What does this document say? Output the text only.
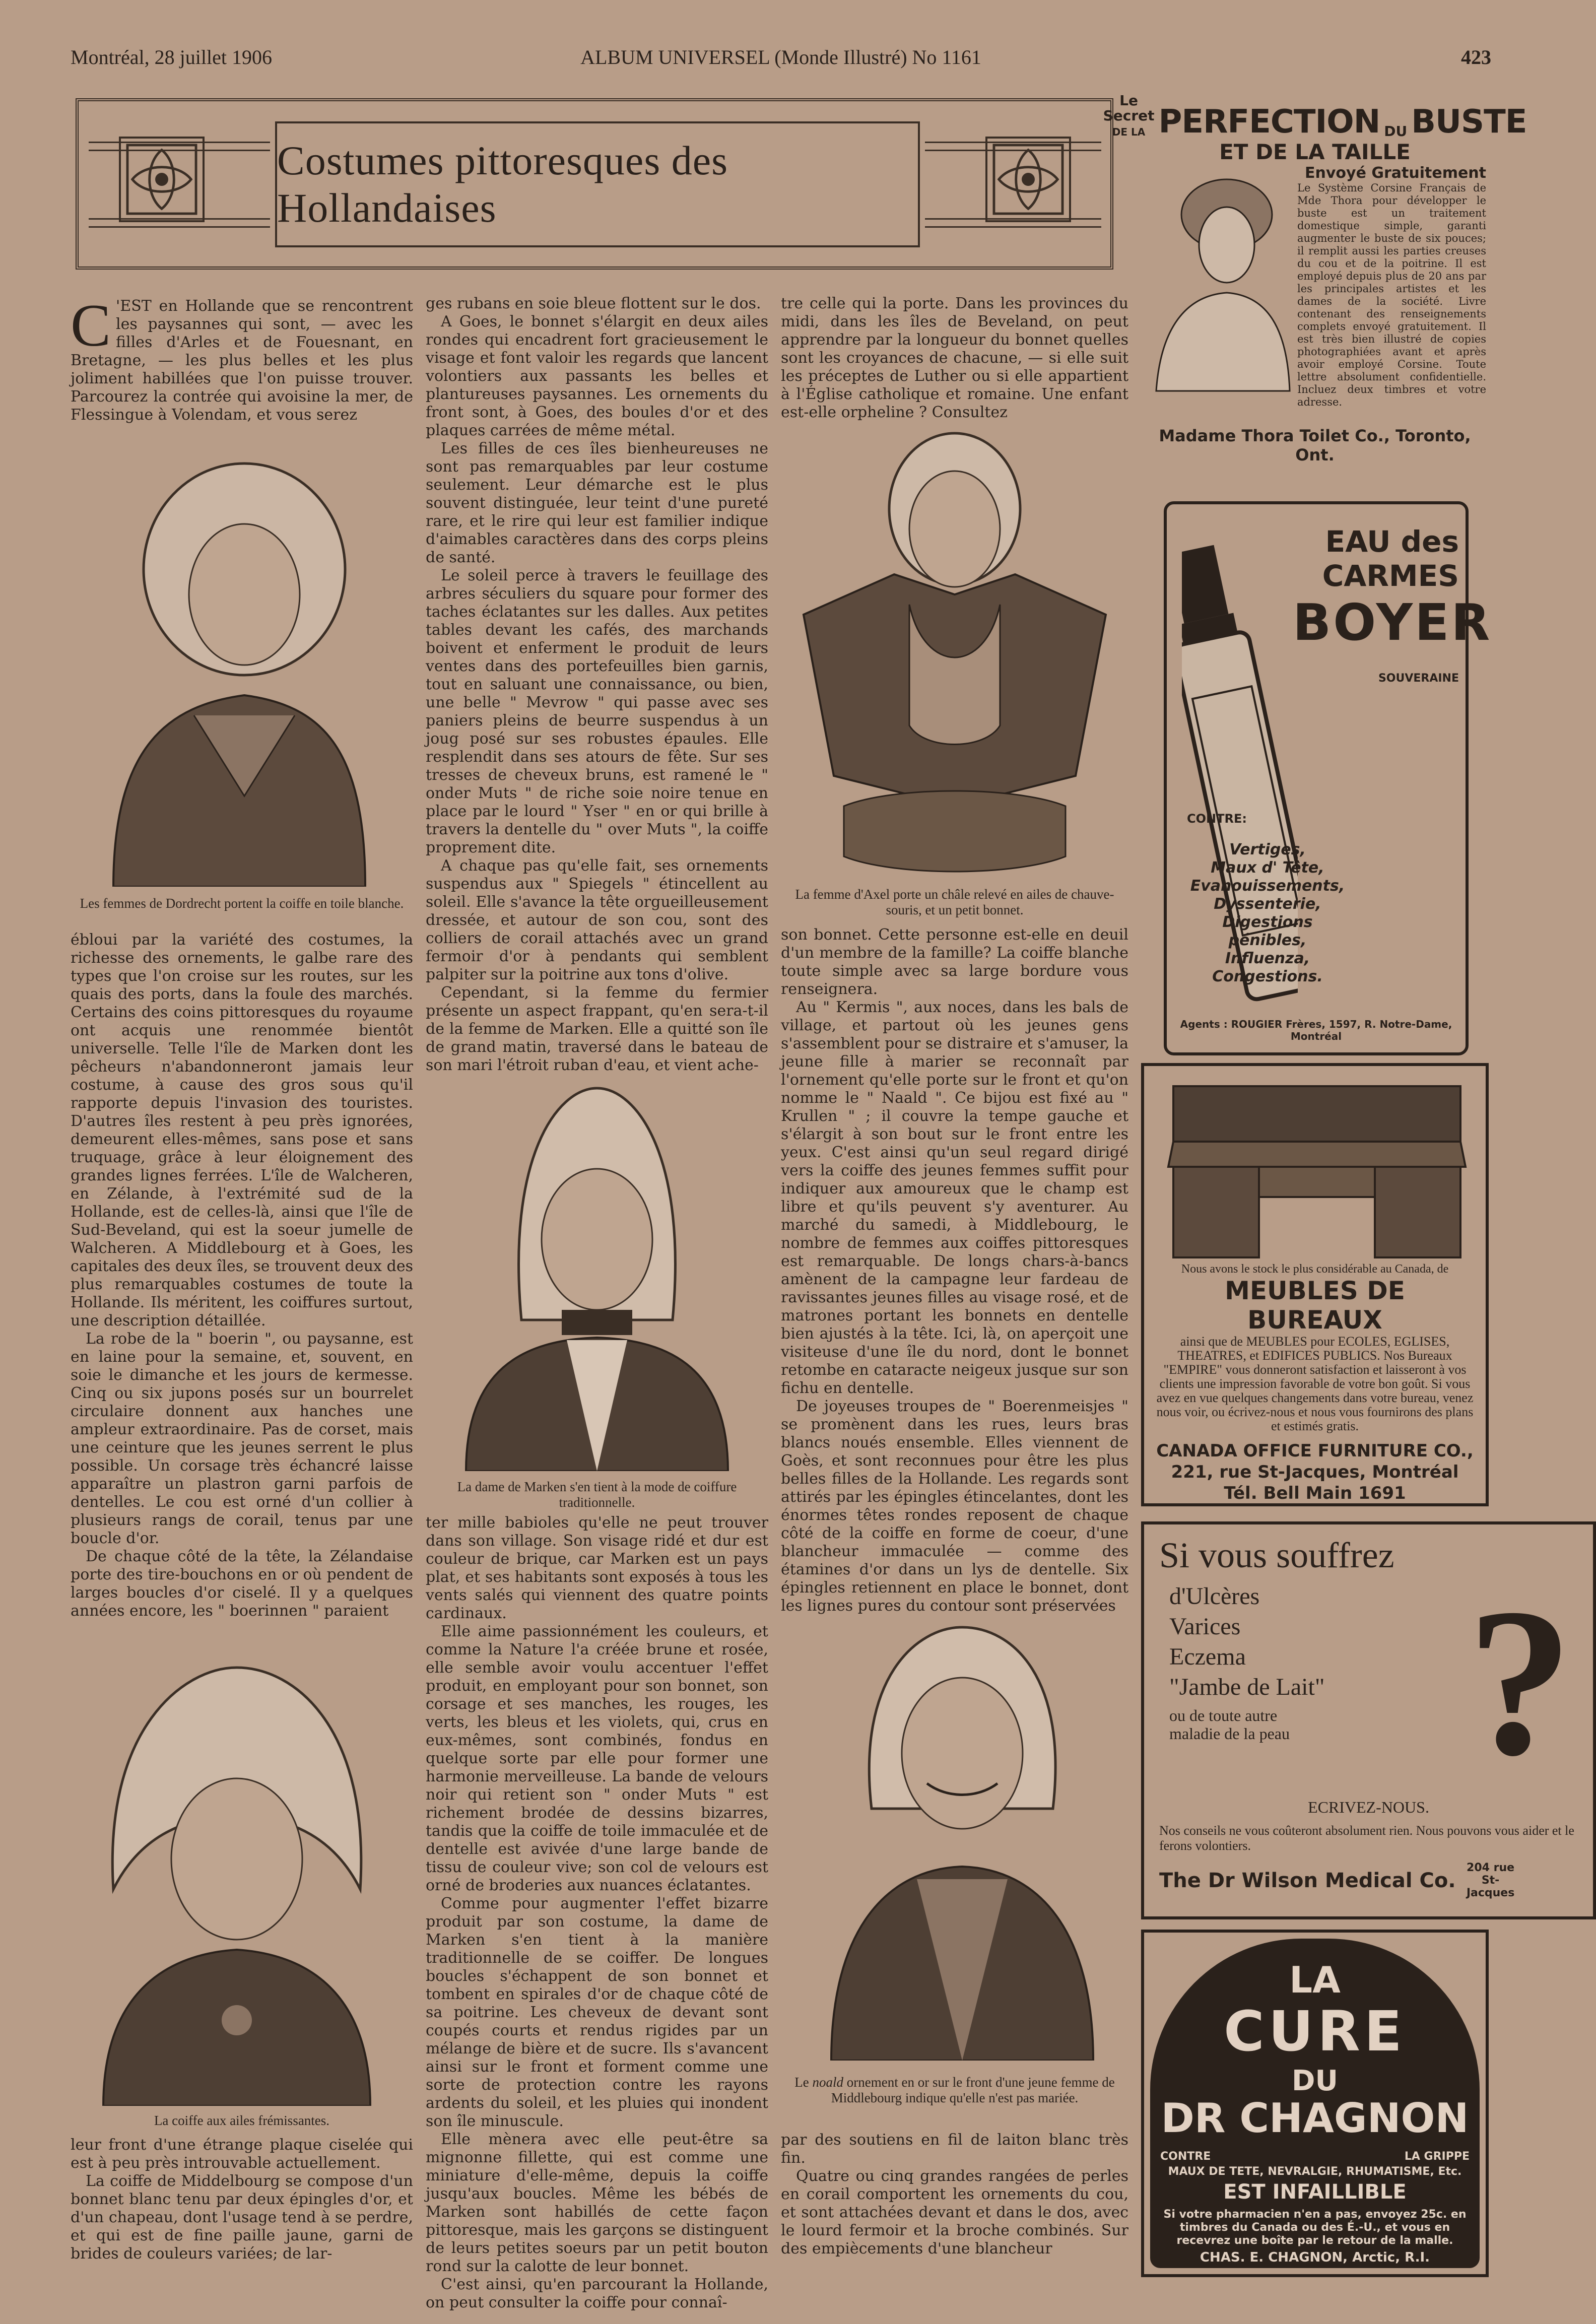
Montréal, 28 juillet 1906	ALBUM UNIVERSEL (Monde Illustré) No 1161	423
Costumes pittoresques des Hollandaises
C 'EST en Hollande que se rencontrent les paysannes qui sont, — avec les filles d'Arles et de Fouesnant, en Bretagne, — les plus belles et les plus joliment habillées que l'on puisse trouver. Parcourez la contrée qui avoisine la mer, de Flessingue à Volendam, et vous serez
Les femmes de Dordrecht portent la coiffe en toile blanche.

ébloui par la variété des costumes, la richesse des ornements, le galbe rare des types que l'on croise sur les routes, sur les quais des ports, dans la foule des marchés. Certains des coins pittoresques du royaume ont acquis une renommée bientôt universelle. Telle l'île de Marken dont les pêcheurs n'abandonneront jamais leur costume, à cause des gros sous qu'il rapporte depuis l'invasion des touristes. D'autres îles restent à peu près ignorées, demeurent elles-mêmes, sans pose et sans truquage, grâce à leur éloignement des grandes lignes ferrées. L'île de Walcheren, en Zélande, à l'extrémité sud de la Hollande, est de celles-là, ainsi que l'île de Sud-Beveland, qui est la soeur jumelle de Walcheren. A Middlebourg et à Goes, les capitales des deux îles, se trouvent deux des plus remarquables costumes de toute la Hollande. Ils méritent, les coiffures surtout, une description détaillée.

La robe de la " boerin ", ou paysanne, est en laine pour la semaine, et, souvent, en soie le dimanche et les jours de kermesse. Cinq ou six jupons posés sur un bourrelet circulaire donnent aux hanches une ampleur extraordinaire. Pas de corset, mais une ceinture que les jeunes serrent le plus possible. Un corsage très échancré laisse apparaître un plastron garni parfois de dentelles. Le cou est orné d'un collier à plusieurs rangs de corail, tenus par une boucle d'or.

De chaque côté de la tête, la Zélandaise porte des tire-bouchons en or où pendent de larges boucles d'or ciselé. Il y a quelques années encore, les " boerinnen " paraient

La coiffe aux ailes frémissantes.

leur front d'une étrange plaque ciselée qui est à peu près introuvable actuellement.

La coiffe de Middelbourg se compose d'un bonnet blanc tenu par deux épingles d'or, et d'un chapeau, dont l'usage tend à se perdre, et qui est de fine paille jaune, garni de brides de couleurs variées; de lar-

ges rubans en soie bleue flottent sur le dos.

A Goes, le bonnet s'élargit en deux ailes rondes qui encadrent fort gracieusement le visage et font valoir les regards que lancent volontiers aux passants les belles et plantureuses paysannes. Les ornements du front sont, à Goes, des boules d'or et des plaques carrées de même métal.

Les filles de ces îles bienheureuses ne sont pas remarquables par leur costume seulement. Leur démarche est le plus souvent distinguée, leur teint d'une pureté rare, et le rire qui leur est familier indique d'aimables caractères dans des corps pleins de santé.

Le soleil perce à travers le feuillage des arbres séculiers du square pour former des taches éclatantes sur les dalles. Aux petites tables devant les cafés, des marchands boivent et enferment le produit de leurs ventes dans des portefeuilles bien garnis, tout en saluant une connaissance, ou bien, une belle " Mevrow " qui passe avec ses paniers pleins de beurre suspendus à un joug posé sur ses robustes épaules. Elle resplendit dans ses atours de fête. Sur ses tresses de cheveux bruns, est ramené le " onder Muts " de riche soie noire tenue en place par le lourd " Yser " en or qui brille à travers la dentelle du " over Muts ", la coiffe proprement dite.

A chaque pas qu'elle fait, ses ornements suspendus aux " Spiegels " étincellent au soleil. Elle s'avance la tête orgueilleusement dressée, et autour de son cou, sont des colliers de corail attachés avec un grand fermoir d'or à pendants qui semblent palpiter sur la poitrine aux tons d'olive.

Cependant, si la femme du fermier présente un aspect frappant, qu'en sera-t-il de la femme de Marken. Elle a quitté son île de grand matin, traversé dans le bateau de son mari l'étroit ruban d'eau, et vient ache-

La dame de Marken s'en tient à la mode de coiffure traditionnelle.

ter mille babioles qu'elle ne peut trouver dans son village. Son visage ridé et dur est couleur de brique, car Marken est un pays plat, et ses habitants sont exposés à tous les vents salés qui viennent des quatre points cardinaux.

Elle aime passionnément les couleurs, et comme la Nature l'a créée brune et rosée, elle semble avoir voulu accentuer l'effet produit, en employant pour son bonnet, son corsage et ses manches, les rouges, les verts, les bleus et les violets, qui, crus en eux-mêmes, sont combinés, fondus en quelque sorte par elle pour former une harmonie merveilleuse. La bande de velours noir qui retient son " onder Muts " est richement brodée de dessins bizarres, tandis que la coiffe de toile immaculée et de dentelle est avivée d'une large bande de tissu de couleur vive; son col de velours est orné de broderies aux nuances éclatantes.

Comme pour augmenter l'effet bizarre produit par son costume, la dame de Marken s'en tient à la manière traditionnelle de se coiffer. De longues boucles s'échappent de son bonnet et tombent en spirales d'or de chaque côté de sa poitrine. Les cheveux de devant sont coupés courts et rendus rigides par un mélange de bière et de sucre. Ils s'avancent ainsi sur le front et forment comme une sorte de protection contre les rayons ardents du soleil, et les pluies qui inondent son île minuscule.

Elle mènera avec elle peut-être sa mignonne fillette, qui est comme une miniature d'elle-même, depuis la coiffe jusqu'aux boucles. Même les bébés de Marken sont habillés de cette façon pittoresque, mais les garçons se distinguent de leurs petites soeurs par un petit bouton rond sur la calotte de leur bonnet.

C'est ainsi, qu'en parcourant la Hollande, on peut consulter la coiffe pour connaî-

tre celle qui la porte. Dans les provinces du midi, dans les îles de Beveland, on peut apprendre par la longueur du bonnet quelles sont les croyances de chacune, — si elle suit les préceptes de Luther ou si elle appartient à l'Église catholique et romaine. Une enfant est-elle orpheline ? Consultez

La femme d'Axel porte un châle relevé en ailes de chauve-souris, et un petit bonnet.

son bonnet. Cette personne est-elle en deuil d'un membre de la famille? La coiffe blanche toute simple avec sa large bordure vous renseignera.

Au " Kermis ", aux noces, dans les bals de village, et partout où les jeunes gens s'assemblent pour se distraire et s'amuser, la jeune fille à marier se reconnaît par l'ornement qu'elle porte sur le front et qu'on nomme le " Naald ". Ce bijou est fixé au " Krullen " ; il couvre la tempe gauche et s'élargit à son bout sur le front entre les yeux. C'est ainsi qu'un seul regard dirigé vers la coiffe des jeunes femmes suffit pour indiquer aux amoureux que le champ est libre et qu'ils peuvent s'y aventurer. Au marché du samedi, à Middlebourg, le nombre de femmes aux coiffes pittoresques est remarquable. De longs chars-à-bancs amènent de la campagne leur fardeau de ravissantes jeunes filles au visage rosé, et de matrones portant les bonnets en dentelle bien ajustés à la tête. Ici, là, on aperçoit une visiteuse d'une île du nord, dont le bonnet retombe en cataracte neigeux jusque sur son fichu en dentelle.

De joyeuses troupes de " Boerenmeisjes " se promènent dans les rues, leurs bras blancs noués ensemble. Elles viennent de Goès, et sont reconnues pour être les plus belles filles de la Hollande. Les regards sont attirés par les épingles étincelantes, dont les énormes têtes rondes reposent de chaque côté de la coiffe en forme de coeur, d'une blancheur immaculée — comme des étamines d'or dans un lys de dentelle. Six épingles retiennent en place le bonnet, dont les lignes pures du contour sont préservées

Le noald ornement en or sur le front d'une jeune femme de Middlebourg indique qu'elle n'est pas mariée.

par des soutiens en fil de laiton blanc très fin.

Quatre ou cinq grandes rangées de perles en corail comportent les ornements du cou, et sont attachées devant et dans le dos, avec le lourd fermoir et la broche combinés. Sur des empiècements d'une blancheur

Le Secret
DE LA PERFECTION DU BUSTE
ET DE LA TAILLE
Envoyé Gratuitement
Le Système Corsine Français de Mde Thora pour développer le buste est un traitement domestique simple, garanti augmenter le buste de six pouces; il remplit aussi les parties creuses du cou et de la poitrine. Il est employé depuis plus de 20 ans par les principales artistes et les dames de la société. Livre contenant des renseignements complets envoyé gratuitement. Il est très bien illustré de copies photographiées avant et après avoir employé Corsine. Toute lettre absolument confidentielle. Incluez deux timbres et votre adresse.
Madame Thora Toilet Co., Toronto, Ont.
EAU des CARMES
BOYER
SOUVERAINE
CONTRE:
Vertiges,
Maux d' Tête,
Evanouissements,
Dyssenterie,
Digestions pénibles,
Influenza, Congestions.
Agents : ROUGIER Frères, 1597, R. Notre-Dame, Montréal
Nous avons le stock le plus considérable au Canada, de
MEUBLES DE BUREAUX
ainsi que de MEUBLES pour ECOLES, EGLISES, THEATRES, et EDIFICES PUBLICS. Nos Bureaux "EMPIRE" vous donneront satisfaction et laisseront à vos clients une impression favorable de votre bon goût. Si vous avez en vue quelques changements dans votre bureau, venez nous voir, ou écrivez-nous et nous vous fournirons des plans et estimés gratis.
CANADA OFFICE FURNITURE CO.,
221, rue St-Jacques, Montréal
Tél. Bell Main 1691
Si vous souffrez
d'Ulcères
Varices
Eczema
"Jambe de Lait"
ou de toute autre maladie de la peau ?
ECRIVEZ-NOUS.
Nos conseils ne vous coûteront absolument rien. Nous pouvons vous aider et le ferons volontiers.
The Dr Wilson Medical Co.
204 rue St-Jacques
LA
CURE
DU
DR CHAGNON
CONTRE	LA GRIPPE
MAUX DE TETE, NEVRALGIE, RHUMATISME, Etc.
EST INFAILLIBLE
Si votre pharmacien n'en a pas, envoyez 25c. en timbres du Canada ou des É.-U., et vous en recevrez une boîte par le retour de la malle.
CHAS. E. CHAGNON, Arctic, R.I.
